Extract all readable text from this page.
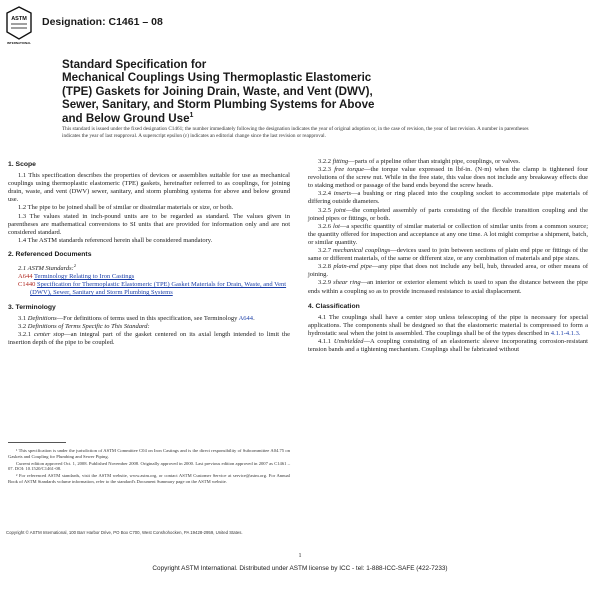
ASTM
INTERNATIONAL
Designation: C1461 – 08
Standard Specification for
Mechanical Couplings Using Thermoplastic Elastomeric
(TPE) Gaskets for Joining Drain, Waste, and Vent (DWV),
Sewer, Sanitary, and Storm Plumbing Systems for Above
and Below Ground Use$^1$
This standard is issued under the fixed designation C1461; the number immediately following the designation indicates the year of original adoption or, in the case of revision, the year of last revision. A number in parentheses indicates the year of last reapproval. A superscript epsilon (ε) indicates an editorial change since the last revision or reapproval.
1. Scope

1.1 This specification describes the properties of devices or assemblies suitable for use as mechanical couplings using thermoplastic elastomeric (TPE) gaskets, hereinafter referred to as couplings, for joining drain, waste, and vent (DWV) sewer, sanitary, and storm plumbing systems for above and below ground use.

1.2 The pipe to be joined shall be of similar or dissimilar materials or size, or both.

1.3 The values stated in inch-pound units are to be regarded as standard. The values given in parentheses are mathematical conversions to SI units that are provided for information only and are not considered standard.

1.4 The ASTM standards referenced herein shall be considered mandatory.

2. Referenced Documents

2.1 ASTM Standards:$^2$

A644 Terminology Relating to Iron Castings

C1440 Specification for Thermoplastic Elastomeric (TPE) Gasket Materials for Drain, Waste, and Vent (DWV), Sewer, Sanitary and Storm Plumbing Systems

3. Terminology

3.1 Definitions—For definitions of terms used in this specification, see Terminology A644.

3.2 Definitions of Terms Specific to This Standard:

3.2.1 center stop—an integral part of the gasket centered on its axial length intended to limit the insertion depth of the pipe to be coupled.

¹ This specification is under the jurisdiction of ASTM Committee C04 on Iron Castings and is the direct responsibility of Subcommittee A04.75 on Gaskets and Coupling for Plumbing and Sewer Piping.

Current edition approved Oct. 1, 2008. Published November 2008. Originally approved in 2000. Last previous edition approved in 2007 as C1461 – 07. DOI: 10.1520/C1461-08.

² For referenced ASTM standards, visit the ASTM website, www.astm.org, or contact ASTM Customer Service at service@astm.org. For Annual Book of ASTM Standards volume information, refer to the standard's Document Summary page on the ASTM website.

3.2.2 fitting—parts of a pipeline other than straight pipe, couplings, or valves.

3.2.3 free torque—the torque value expressed in lbf-in. (N·m) when the clamp is tightened four revolutions of the screw nut. While in the free state, this value does not include any breakaway effects due to staking method or passage of the band ends beyond the screw heads.

3.2.4 inserts—a bushing or ring placed into the coupling socket to accommodate pipe materials of differing outside diameters.

3.2.5 joint—the completed assembly of parts consisting of the flexible transition coupling and the joined pipes or fittings, or both.

3.2.6 lot—a specific quantity of similar material or collection of similar units from a common source; the quantity offered for inspection and acceptance at any one time. A lot might comprise a shipment, batch, or similar quantity.

3.2.7 mechanical couplings—devices used to join between sections of plain end pipe or fittings of the same or different materials, of the same or different size, or any combination of materials and pipe sizes.

3.2.8 plain-end pipe—any pipe that does not include any bell, hub, threaded area, or other means of joining.

3.2.9 shear ring—an interior or exterior element which is used to span the distance between the pipe ends within a coupling so as to provide increased resistance to axial displacement.

4. Classification

4.1 The couplings shall have a center stop unless telescoping of the pipe is necessary for special applications. The components shall be designed so that the elastomeric material is compressed to form a hydrostatic seal when the joint is assembled. The couplings shall be of the types described in 4.1.1-4.1.3.

4.1.1 Unshielded—A coupling consisting of an elastomeric sleeve incorporating corrosion-resistant tension bands and a tightening mechanism. Couplings shall be fabricated without

Copyright © ASTM International, 100 Barr Harbor Drive, PO Box C700, West Conshohocken, PA 19428-2959, United States.
1
Copyright ASTM International. Distributed under ASTM license by ICC - tel: 1-888-ICC-SAFE (422-7233)
